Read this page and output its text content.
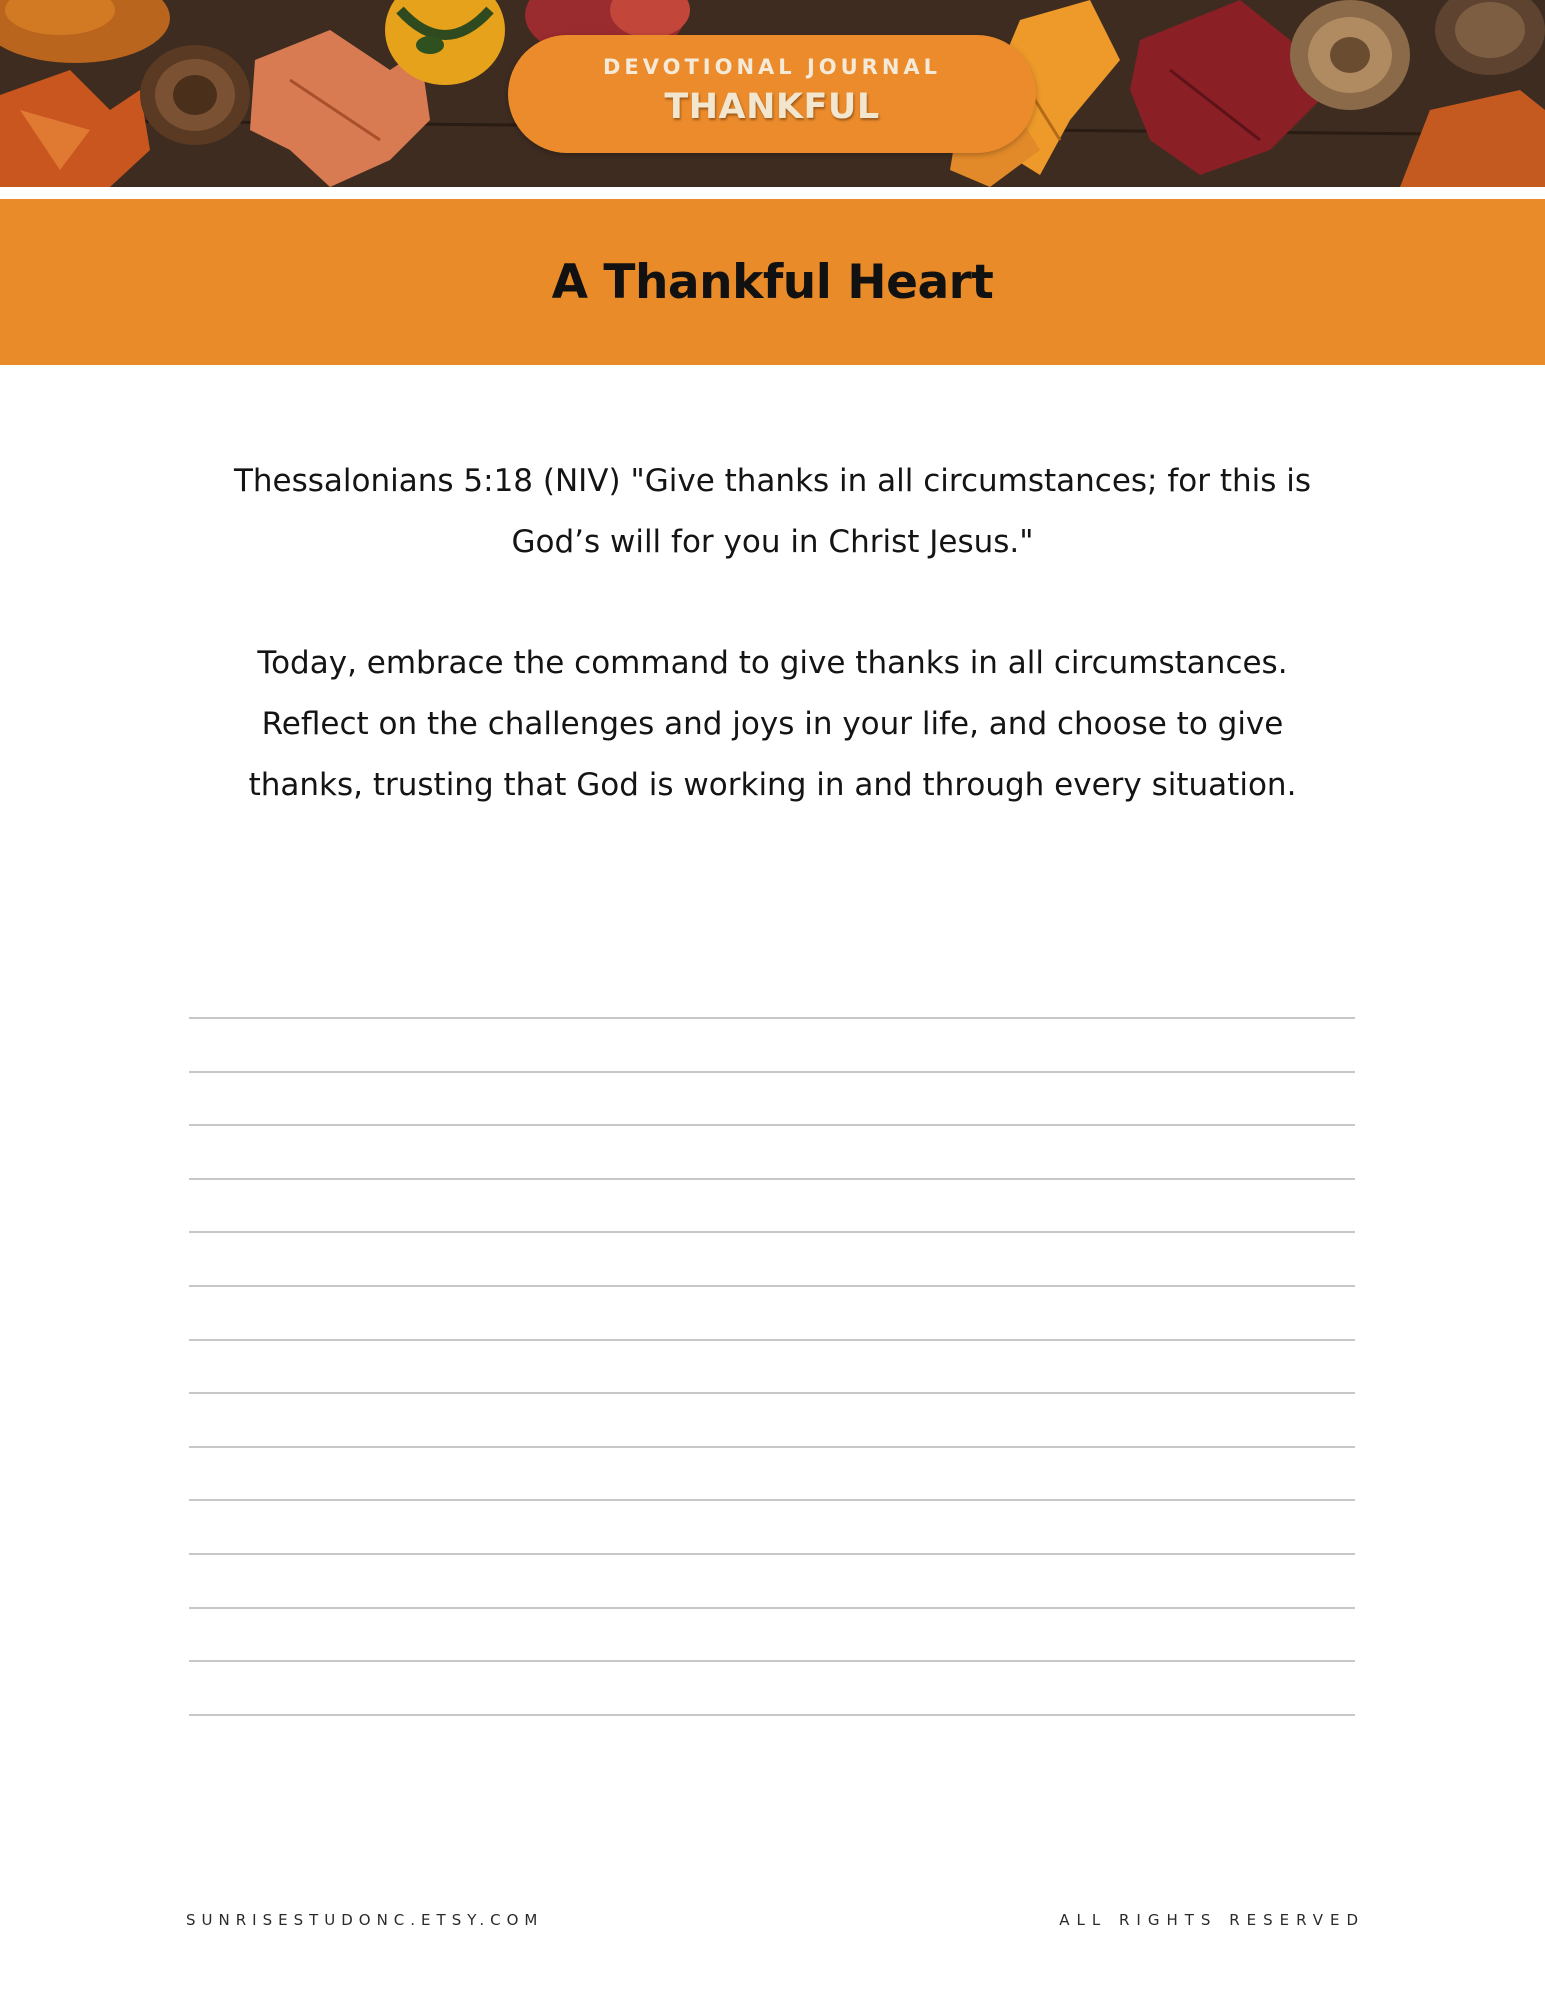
DEVOTIONAL JOURNAL
THANKFUL
A Thankful Heart
Thessalonians 5:18 (NIV) "Give thanks in all circumstances; for this is God’s will for you in Christ Jesus."
Today, embrace the command to give thanks in all circumstances. Reflect on the challenges and joys in your life, and choose to give thanks, trusting that God is working in and through every situation.
SUNRISESTUDONC.ETSY.COM	ALL RIGHTS RESERVED
